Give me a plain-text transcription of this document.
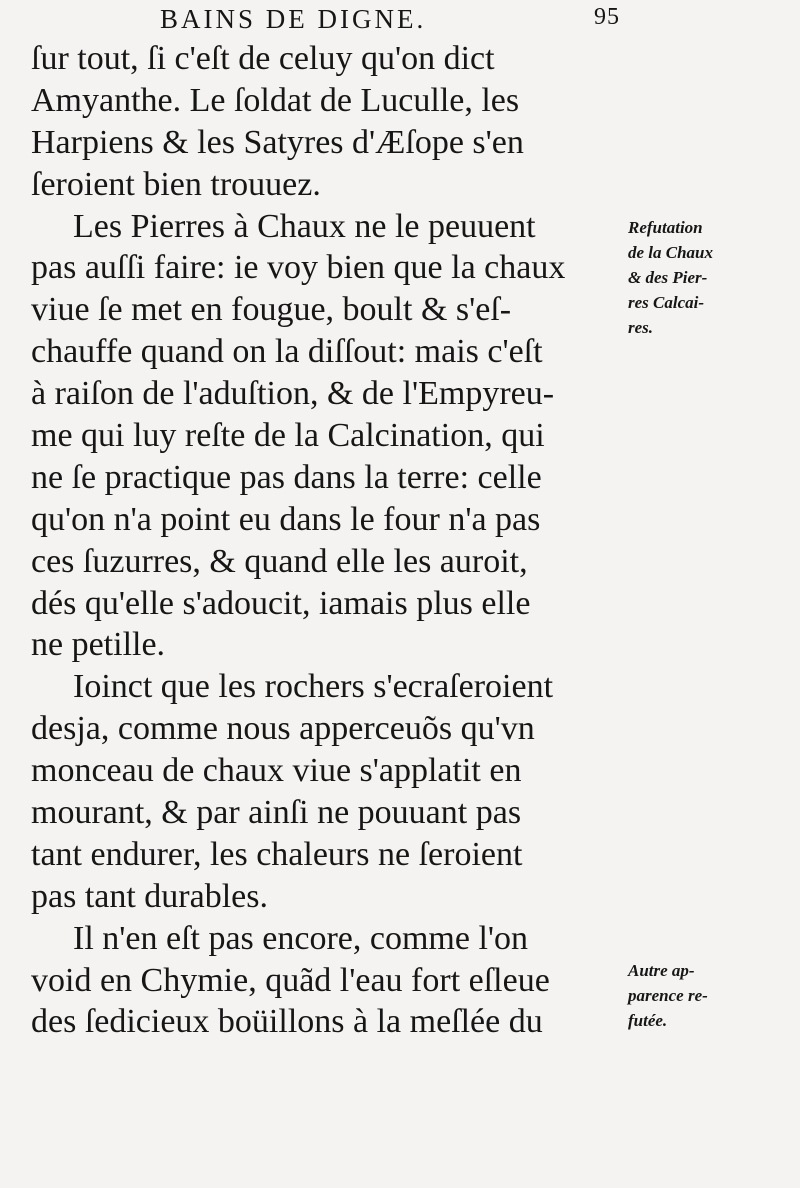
BAINS DE DIGNE.	95
ſur tout, ſi c'eſt de celuy qu'on dict
Amyanthe. Le ſoldat de Luculle, les
Harpiens & les Satyres d'Æſope s'en
ſeroient bien trouuez.
Les Pierres à Chaux ne le peuuent
pas auſſi faire: ie voy bien que la chaux
viue ſe met en fougue, boult & s'eſ-
chauffe quand on la diſſout: mais c'eſt
à raiſon de l'aduſtion, & de l'Empyreu-
me qui luy reſte de la Calcination, qui
ne ſe practique pas dans la terre: celle
qu'on n'a point eu dans le four n'a pas
ces ſuzurres, & quand elle les auroit,
dés qu'elle s'adoucit, iamais plus elle
ne petille.
Ioinct que les rochers s'ecraſeroient
desja, comme nous apperceuõs qu'vn
monceau de chaux viue s'applatit en
mourant, & par ainſi ne pouuant pas
tant endurer, les chaleurs ne ſeroient
pas tant durables.
Il n'en eſt pas encore, comme l'on
void en Chymie, quãd l'eau fort eſleue
des ſedicieux boüillons à la meſlée du
Refutation
de la Chaux
& des Pier-
res Calcai-
res.
Autre ap-
parence re-
futée.
